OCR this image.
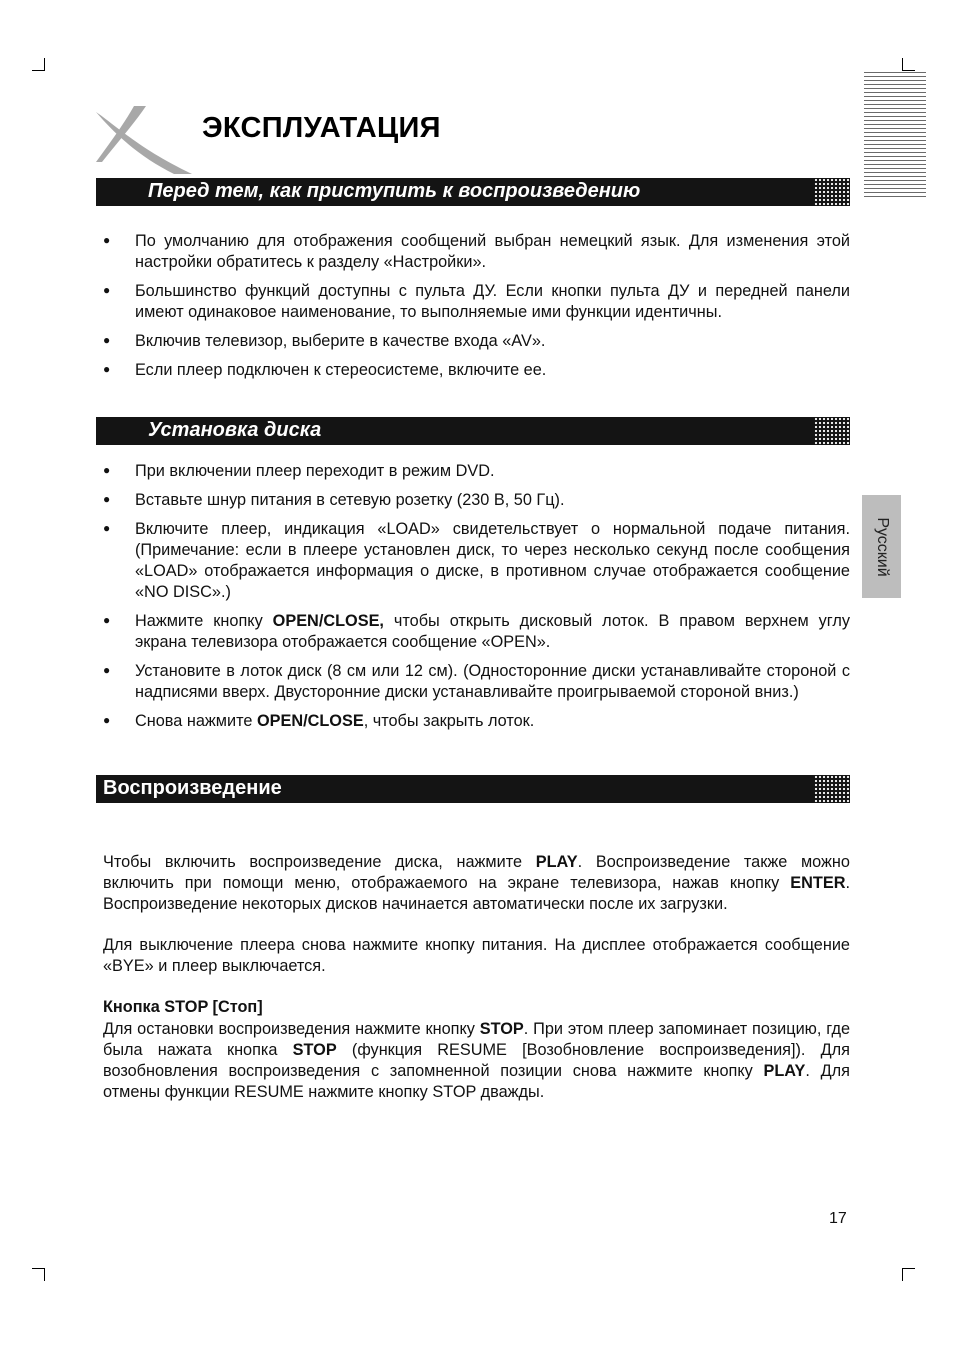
ЭКСПЛУАТАЦИЯ
Перед тем, как приступить к воспроизведению
● По умолчанию для отображения сообщений выбран немецкий язык. Для изменения этой настройки обратитесь к разделу «Настройки».
● Большинство функций доступны с пульта ДУ. Если кнопки пульта ДУ и передней панели имеют одинаковое наименование, то выполняемые ими функции идентичны.
● Включив телевизор, выберите в качестве входа «AV».
● Если плеер подключен к стереосистеме, включите ее.
Установка диска
● При включении плеер переходит в режим DVD.
● Вставьте шнур питания в сетевую розетку (230 В, 50 Гц).
● Включите плеер, индикация «LOAD» свидетельствует о нормальной подаче питания. (Примечание: если в плеере установлен диск, то через несколько секунд после сообщения «LOAD» отображается информация о диске, в противном случае отображается сообщение «NO DISC».)
● Нажмите кнопку OPEN/CLOSE, чтобы открыть дисковый лоток. В правом верхнем углу экрана телевизора отображается сообщение «OPEN».
● Установите в лоток диск (8 см или 12 см). (Односторонние диски устанавливайте стороной с надписями вверх. Двусторонние диски устанавливайте проигрываемой стороной вниз.)
● Снова нажмите OPEN/CLOSE, чтобы закрыть лоток.
Воспроизведение

Чтобы включить воспроизведение диска, нажмите PLAY. Воспроизведение также можно включить при помощи меню, отображаемого на экране телевизора, нажав кнопку ENTER. Воспроизведение некоторых дисков начинается автоматически после их загрузки.

Для выключение плеера снова нажмите кнопку питания. На дисплее отображается сообщение «BYE» и плеер выключается.

Кнопка STOP [Стоп]

Для остановки воспроизведения нажмите кнопку STOP. При этом плеер запоминает позицию, где была нажата кнопка STOP (функция RESUME [Возобновление воспроизведения]). Для возобновления воспроизведения с запомненной позиции снова нажмите кнопку PLAY. Для отмены функции RESUME нажмите кнопку STOP дважды.

Русский
17
